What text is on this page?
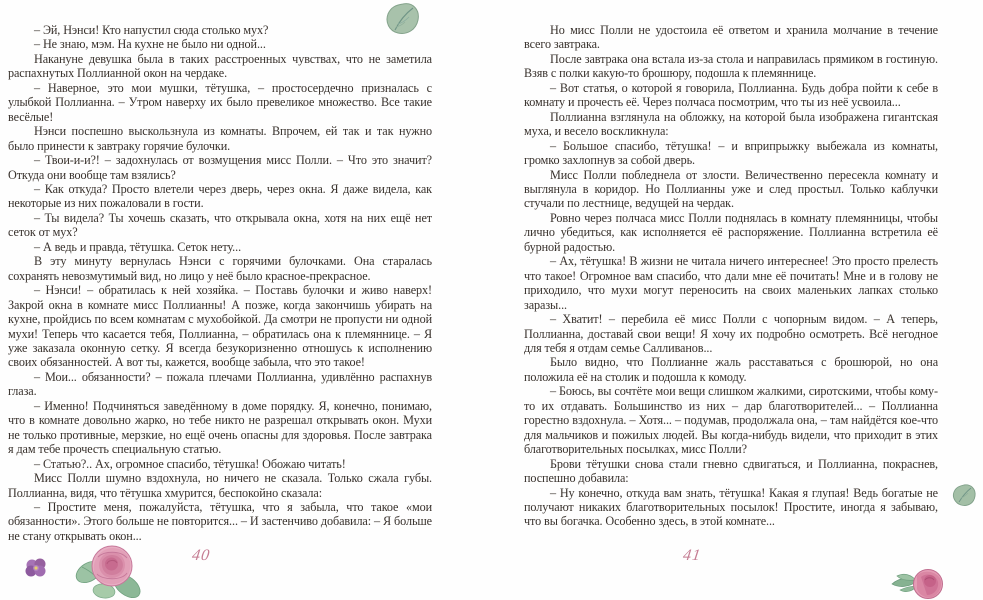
– Эй, Нэнси! Кто напустил сюда столько мух?

– Не знаю, мэм. На кухне не было ни одной...

Накануне девушка была в таких расстроенных чувствах, что не заметила распахнутых Поллианной окон на чердаке.

– Наверное, это мои мушки, тётушка, – простосердечно призналась с улыбкой Поллианна. – Утром наверху их было превеликое множество. Все такие весёлые!

Нэнси поспешно выскользнула из комнаты. Впрочем, ей так и так нужно было принести к завтраку горячие булочки.

– Твои-и-и?! – задохнулась от возмущения мисс Полли. – Что это значит? Откуда они вообще там взялись?

– Как откуда? Просто влетели через дверь, через окна. Я даже видела, как некоторые из них пожаловали в гости.

– Ты видела? Ты хочешь сказать, что открывала окна, хотя на них ещё нет сеток от мух?

– А ведь и правда, тётушка. Сеток нету...

В эту минуту вернулась Нэнси с горячими булочками. Она старалась сохранять невозмутимый вид, но лицо у неё было красное-прекрасное.

– Нэнси! – обратилась к ней хозяйка. – Поставь булочки и живо наверх! Закрой окна в комнате мисс Поллианны! А позже, когда закончишь убирать на кухне, пройдись по всем комнатам с мухобойкой. Да смотри не пропусти ни одной мухи! Теперь что касается тебя, Поллианна, – обратилась она к племяннице. – Я уже заказала оконную сетку. Я всегда безукоризненно отношусь к исполнению своих обязанностей. А вот ты, кажется, вообще забыла, что это такое!

– Мои... обязанности? – пожала плечами Поллианна, удивлённо распахнув глаза.

– Именно! Подчиняться заведённому в доме порядку. Я, конечно, понимаю, что в комнате довольно жарко, но тебе никто не разрешал открывать окон. Мухи не только противные, мерзкие, но ещё очень опасны для здоровья. После завтрака я дам тебе прочесть специальную статью.

– Статью?.. Ах, огромное спасибо, тётушка! Обожаю читать!

Мисс Полли шумно вздохнула, но ничего не сказала. Только сжала губы. Поллианна, видя, что тётушка хмурится, беспокойно сказала:

– Простите меня, пожалуйста, тётушка, что я забыла, что такое «мои обязанности». Этого больше не повторится... – И застенчиво добавила: – Я больше не стану открывать окон...

Но мисс Полли не удостоила её ответом и хранила молчание в течение всего завтрака.

После завтрака она встала из-за стола и направилась прямиком в гостиную. Взяв с полки какую-то брошюру, подошла к племяннице.

– Вот статья, о которой я говорила, Поллианна. Будь добра пойти к себе в комнату и прочесть её. Через полчаса посмотрим, что ты из неё усвоила...

Поллианна взглянула на обложку, на которой была изображена гигантская муха, и весело воскликнула:

– Большое спасибо, тётушка! – и вприпрыжку выбежала из комнаты, громко захлопнув за собой дверь.

Мисс Полли побледнела от злости. Величественно пересекла комнату и выглянула в коридор. Но Поллианны уже и след простыл. Только каблучки стучали по лестнице, ведущей на чердак.

Ровно через полчаса мисс Полли поднялась в комнату племянницы, чтобы лично убедиться, как исполняется её распоряжение. Поллианна встретила её бурной радостью.

– Ах, тётушка! В жизни не читала ничего интереснее! Это просто прелесть что такое! Огромное вам спасибо, что дали мне её почитать! Мне и в голову не приходило, что мухи могут переносить на своих маленьких лапках столько заразы...

– Хватит! – перебила её мисс Полли с чопорным видом. – А теперь, Поллианна, доставай свои вещи! Я хочу их подробно осмотреть. Всё негодное для тебя я отдам семье Салливанов...

Было видно, что Поллианне жаль расставаться с брошюрой, но она положила её на столик и подошла к комоду.

– Боюсь, вы сочтёте мои вещи слишком жалкими, сиротскими, чтобы кому-то их отдавать. Большинство из них – дар благотворителей... – Поллианна горестно вздохнула. – Хотя... – подумав, продолжала она, – там найдётся кое-что для мальчиков и пожилых людей. Вы когда-нибудь видели, что приходит в этих благотворительных посылках, мисс Полли?

Брови тётушки снова стали гневно сдвигаться, и Поллианна, покраснев, поспешно добавила:

– Ну конечно, откуда вам знать, тётушка! Какая я глупая! Ведь богатые не получают никаких благотворительных посылок! Простите, иногда я забываю, что вы богачка. Особенно здесь, в этой комнате...

40	41
